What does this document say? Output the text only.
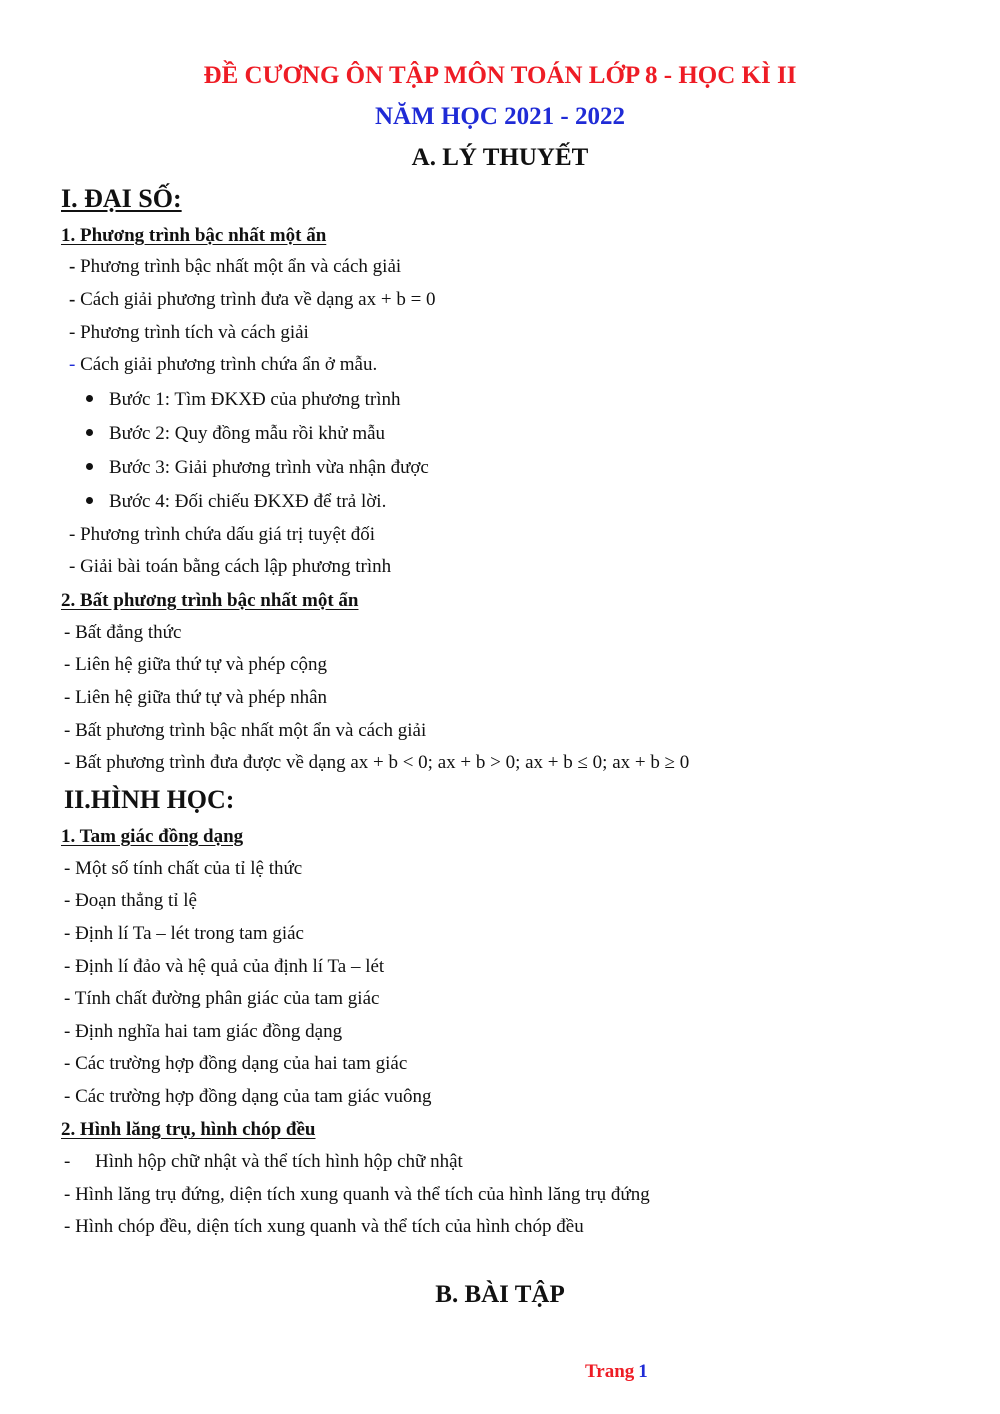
ĐỀ CƯƠNG ÔN TẬP MÔN TOÁN LỚP 8 - HỌC KÌ II
NĂM HỌC 2021 - 2022
A. LÝ THUYẾT
I. ĐẠI SỐ:
1. Phương trình bậc nhất một ẩn
- Phương trình bậc nhất một ẩn và cách giải
- Cách giải phương trình đưa về dạng ax + b = 0
- Phương trình tích và cách giải
- Cách giải phương trình chứa ẩn ở mẫu.
Bước 1: Tìm ĐKXĐ của phương trình
Bước 2: Quy đồng mẫu rồi khử mẫu
Bước 3: Giải phương trình vừa nhận được
Bước 4: Đối chiếu ĐKXĐ để trả lời.
- Phương trình chứa dấu giá trị tuyệt đối
- Giải bài toán bằng cách lập phương trình
2. Bất phương trình bậc nhất một ẩn
- Bất đẳng thức
- Liên hệ giữa thứ tự và phép cộng
- Liên hệ giữa thứ tự và phép nhân
- Bất phương trình bậc nhất một ẩn và cách giải
- Bất phương trình đưa được về dạng ax + b < 0; ax + b > 0; ax + b ≤ 0; ax + b ≥ 0
II.HÌNH HỌC:
1. Tam giác đồng dạng
- Một số tính chất của tỉ lệ thức
- Đoạn thẳng tỉ lệ
- Định lí Ta – lét trong tam giác
- Định lí đảo và hệ quả của định lí Ta – lét
- Tính chất đường phân giác của tam giác
- Định nghĩa hai tam giác đồng dạng
- Các trường hợp đồng dạng của hai tam giác
- Các trường hợp đồng dạng của tam giác vuông
2. Hình lăng trụ, hình chóp đều
- Hình hộp chữ nhật và thể tích hình hộp chữ nhật
- Hình lăng trụ đứng, diện tích xung quanh và thể tích của hình lăng trụ đứng
- Hình chóp đều, diện tích xung quanh và thể tích của hình chóp đều
B. BÀI TẬP
Trang 1
